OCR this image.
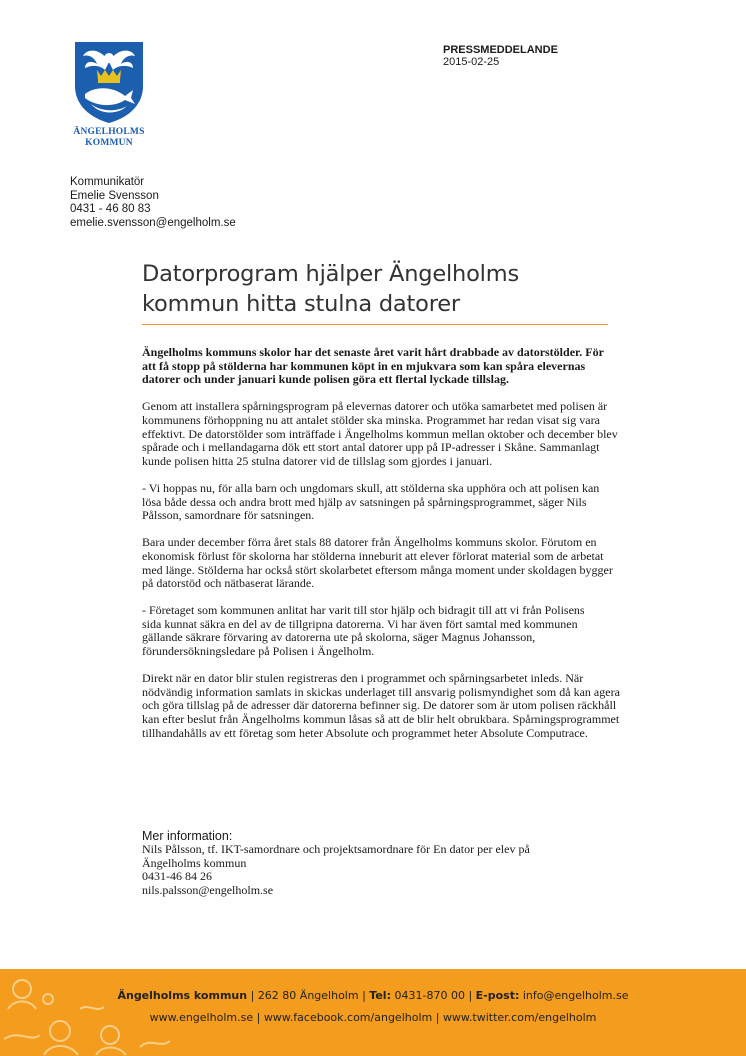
ÄNGELHOLMS
KOMMUN
PRESSMEDDELANDE
2015-02-25
Kommunikatör
Emelie Svensson
0431 - 46 80 83
emelie.svensson@engelholm.se
Datorprogram hjälper Ängelholms
kommun hitta stulna datorer

Ängelholms kommuns skolor har det senaste året varit hårt drabbade av datorstölder. För
att få stopp på stölderna har kommunen köpt in en mjukvara som kan spåra elevernas
datorer och under januari kunde polisen göra ett flertal lyckade tillslag.

Genom att installera spårningsprogram på elevernas datorer och utöka samarbetet med polisen är
kommunens förhoppning nu att antalet stölder ska minska. Programmet har redan visat sig vara
effektivt. De datorstölder som inträffade i Ängelholms kommun mellan oktober och december blev
spårade och i mellandagarna dök ett stort antal datorer upp på IP-adresser i Skåne. Sammanlagt
kunde polisen hitta 25 stulna datorer vid de tillslag som gjordes i januari.

- Vi hoppas nu, för alla barn och ungdomars skull, att stölderna ska upphöra och att polisen kan
lösa både dessa och andra brott med hjälp av satsningen på spårningsprogrammet, säger Nils
Pålsson, samordnare för satsningen.

Bara under december förra året stals 88 datorer från Ängelholms kommuns skolor. Förutom en
ekonomisk förlust för skolorna har stölderna inneburit att elever förlorat material som de arbetat
med länge. Stölderna har också stört skolarbetet eftersom många moment under skoldagen bygger
på datorstöd och nätbaserat lärande.

- Företaget som kommunen anlitat har varit till stor hjälp och bidragit till att vi från Polisens
sida kunnat säkra en del av de tillgripna datorerna. Vi har även fört samtal med kommunen
gällande säkrare förvaring av datorerna ute på skolorna, säger Magnus Johansson,
förundersökningsledare på Polisen i Ängelholm.

Direkt när en dator blir stulen registreras den i programmet och spårningsarbetet inleds. När
nödvändig information samlats in skickas underlaget till ansvarig polismyndighet som då kan agera
och göra tillslag på de adresser där datorerna befinner sig. De datorer som är utom polisen räckhåll
kan efter beslut från Ängelholms kommun låsas så att de blir helt obrukbara. Spårningsprogrammet
tillhandahålls av ett företag som heter Absolute och programmet heter Absolute Computrace.

Mer information:
Nils Pålsson, tf. IKT-samordnare och projektsamordnare för En dator per elev på
Ängelholms kommun
0431-46 84 26
nils.palsson@engelholm.se
Ängelholms kommun | 262 80 Ängelholm | Tel: 0431-870 00 | E-post: info@engelholm.se
www.engelholm.se | www.facebook.com/angelholm | www.twitter.com/engelholm
